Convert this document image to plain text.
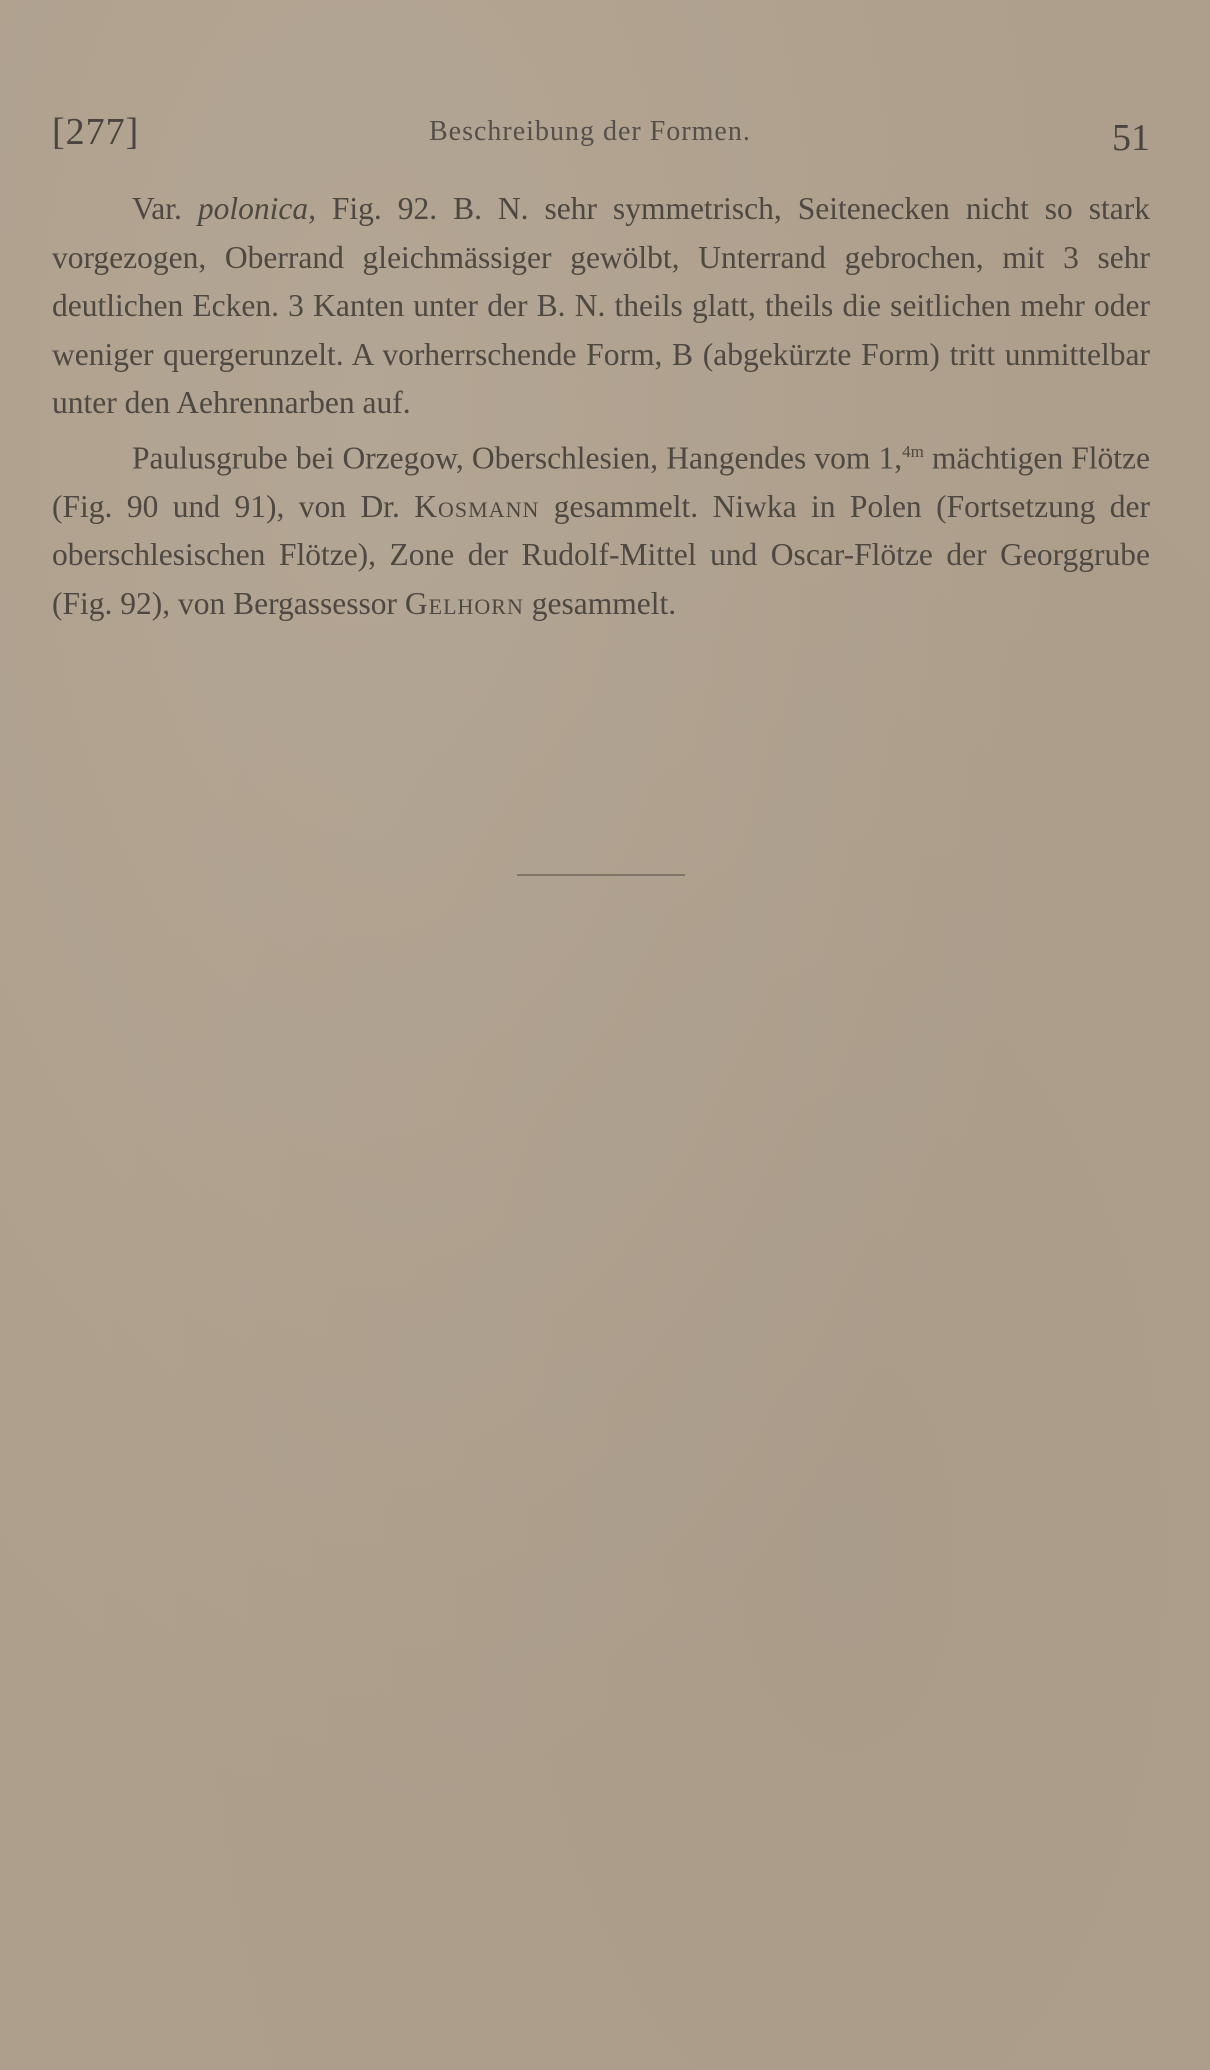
[277]	Beschreibung der Formen.	51

Var. polonica, Fig. 92. B. N. sehr symmetrisch, Seitenecken nicht so stark vorgezogen, Oberrand gleichmässiger gewölbt, Unterrand gebrochen, mit 3 sehr deutlichen Ecken. 3 Kanten unter der B. N. theils glatt, theils die seitlichen mehr oder weniger quergerunzelt. A vorherrschende Form, B (abgekürzte Form) tritt unmittelbar unter den Aehrennarben auf.

Paulusgrube bei Orzegow, Oberschlesien, Hangendes vom 1,$^{4m}$ mächtigen Flötze (Fig. 90 und 91), von Dr. Kosmann gesammelt. Niwka in Polen (Fortsetzung der oberschlesischen Flötze), Zone der Rudolf-Mittel und Oscar-Flötze der Georggrube (Fig. 92), von Bergassessor Gelhorn gesammelt.
